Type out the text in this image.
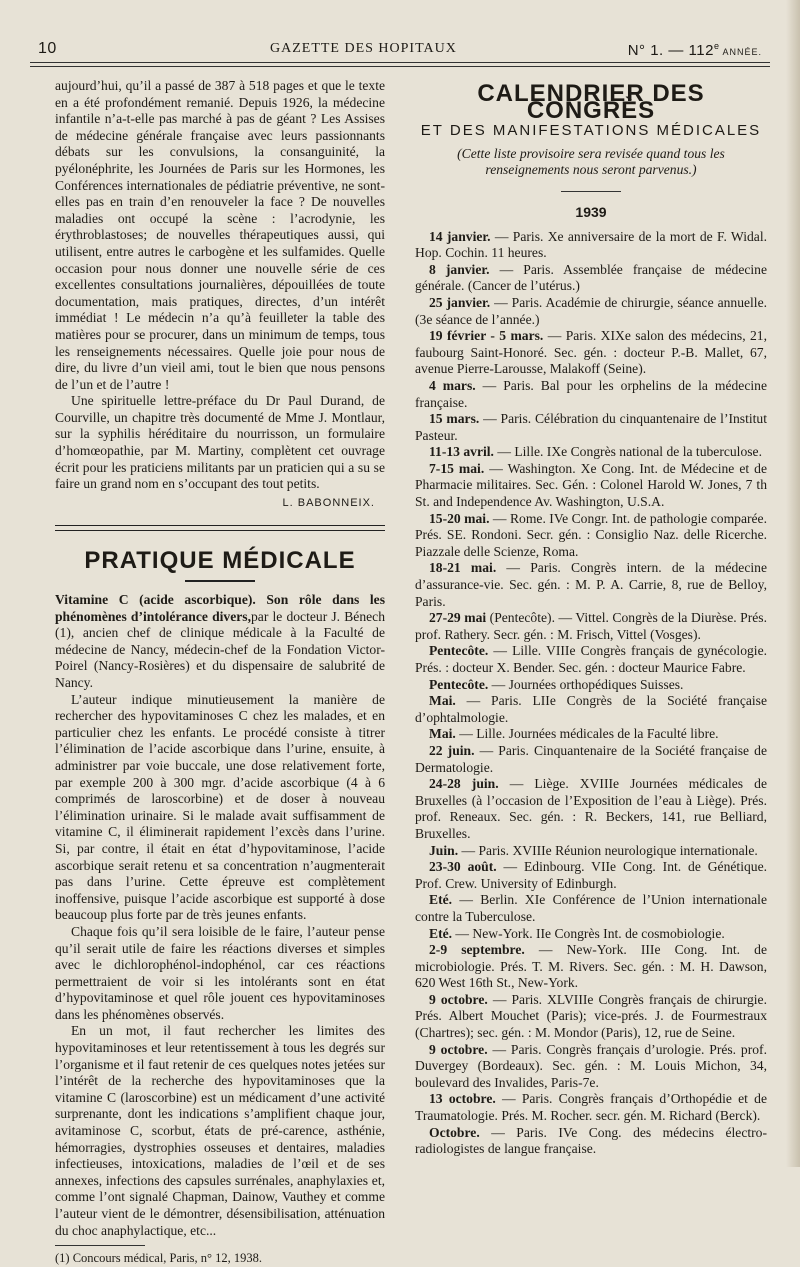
10	GAZETTE DES HOPITAUX	N° 1. — 112e ANNÉE.

aujourd’hui, qu’il a passé de 387 à 518 pages et que le texte en a été profondément remanié. Depuis 1926, la médecine infantile n’a-t-elle pas marché à pas de géant ? Les Assises de médecine générale française avec leurs passionnants débats sur les convulsions, la consanguinité, la pyélonéphrite, les Journées de Paris sur les Hormones, les Conférences internationales de pédiatrie préventive, ne sont-elles pas en train d’en renouveler la face ? De nouvelles maladies ont occupé la scène : l’acrodynie, les érythroblastoses; de nouvelles thérapeutiques aussi, qui utilisent, entre autres le carbogène et les sulfamides. Quelle occasion pour nous donner une nouvelle série de ces excellentes consultations journalières, dépouillées de toute documentation, mais pratiques, directes, d’un intérêt immédiat ! Le médecin n’a qu’à feuilleter la table des matières pour se procurer, dans un minimum de temps, tous les renseignements nécessaires. Quelle joie pour nous de dire, du livre d’un vieil ami, tout le bien que nous pensons de l’un et de l’autre !

Une spirituelle lettre-préface du Dr Paul Durand, de Courville, un chapitre très documenté de Mme J. Montlaur, sur la syphilis héréditaire du nourrisson, un formulaire d’homœopathie, par M. Martiny, complètent cet ouvrage écrit pour les praticiens militants par un praticien qui a su se faire un grand nom en s’occupant des tout petits.

L. BABONNEIX.

PRATIQUE MÉDICALE

Vitamine C (acide ascorbique). Son rôle dans les phénomènes d’intolérance divers,par le docteur J. Bénech (1), ancien chef de clinique médicale à la Faculté de médecine de Nancy, médecin-chef de la Fondation Victor-Poirel (Nancy-Rosières) et du dispensaire de salubrité de Nancy.

L’auteur indique minutieusement la manière de rechercher des hypovitaminoses C chez les malades, et en particulier chez les enfants. Le procédé consiste à titrer l’élimination de l’acide ascorbique dans l’urine, ensuite, à administrer par voie buccale, une dose relativement forte, par exemple 200 à 300 mgr. d’acide ascorbique (4 à 6 comprimés de laroscorbine) et de doser à nouveau l’élimination urinaire. Si le malade avait suffisamment de vitamine C, il éliminerait rapidement l’excès dans l’urine. Si, par contre, il était en état d’hypovitaminose, l’acide ascorbique serait retenu et sa concentration n’augmenterait pas dans l’urine. Cette épreuve est complètement inoffensive, puisque l’acide ascorbique est supporté à dose beaucoup plus forte par de très jeunes enfants.

Chaque fois qu’il sera loisible de le faire, l’auteur pense qu’il serait utile de faire les réactions diverses et simples avec le dichlorophénol-indophénol, car ces réactions permettraient de voir si les intolérants sont en état d’hypovitaminose et quel rôle jouent ces hypovitaminoses dans les phénomènes observés.

En un mot, il faut rechercher les limites des hypovitaminoses et leur retentissement à tous les degrés sur l’organisme et il faut retenir de ces quelques notes jetées sur l’intérêt de la recherche des hypovitaminoses que la vitamine C (laroscorbine) est un médicament d’une activité surprenante, dont les indications s’amplifient chaque jour, avitaminose C, scorbut, états de pré-carence, asthénie, hémorragies, dystrophies osseuses et dentaires, maladies infectieuses, intoxications, maladies de l’œil et de ses annexes, infections des capsules surrénales, anaphylaxies et, comme l’ont signalé Chapman, Dainow, Vauthey et comme l’auteur vient de le démontrer, désensibilisation, atténuation du choc anaphylactique, etc...

(1) Concours médical, Paris, n° 12, 1938.

CALENDRIER DES CONGRÈS

ET DES MANIFESTATIONS MÉDICALES

(Cette liste provisoire sera revisée quand tous les renseignements nous seront parvenus.)

1939

14 janvier. — Paris. Xe anniversaire de la mort de F. Widal. Hop. Cochin. 11 heures.

8 janvier. — Paris. Assemblée française de médecine générale. (Cancer de l’utérus.)

25 janvier. — Paris. Académie de chirurgie, séance annuelle. (3e séance de l’année.)

19 février - 5 mars. — Paris. XIXe salon des médecins, 21, faubourg Saint-Honoré. Sec. gén. : docteur P.-B. Mallet, 67, avenue Pierre-Larousse, Malakoff (Seine).

4 mars. — Paris. Bal pour les orphelins de la médecine française.

15 mars. — Paris. Célébration du cinquantenaire de l’Institut Pasteur.

11-13 avril. — Lille. IXe Congrès national de la tuberculose.

7-15 mai. — Washington. Xe Cong. Int. de Médecine et de Pharmacie militaires. Sec. Gén. : Colonel Harold W. Jones, 7 th St. and Independence Av. Washington, U.S.A.

15-20 mai. — Rome. IVe Congr. Int. de pathologie comparée. Prés. SE. Rondoni. Secr. gén. : Consiglio Naz. delle Ricerche. Piazzale delle Scienze, Roma.

18-21 mai. — Paris. Congrès intern. de la médecine d’assurance-vie. Sec. gén. : M. P. A. Carrie, 8, rue de Belloy, Paris.

27-29 mai (Pentecôte). — Vittel. Congrès de la Diurèse. Prés. prof. Rathery. Secr. gén. : M. Frisch, Vittel (Vosges).

Pentecôte. — Lille. VIIIe Congrès français de gynécologie. Prés. : docteur X. Bender. Sec. gén. : docteur Maurice Fabre.

Pentecôte. — Journées orthopédiques Suisses.

Mai. — Paris. LIIe Congrès de la Société française d’ophtalmologie.

Mai. — Lille. Journées médicales de la Faculté libre.

22 juin. — Paris. Cinquantenaire de la Société française de Dermatologie.

24-28 juin. — Liège. XVIIIe Journées médicales de Bruxelles (à l’occasion de l’Exposition de l’eau à Liège). Prés. prof. Reneaux. Sec. gén. : R. Beckers, 141, rue Belliard, Bruxelles.

Juin. — Paris. XVIIIe Réunion neurologique internationale.

23-30 août. — Edinbourg. VIIe Cong. Int. de Génétique. Prof. Crew. University of Edinburgh.

Eté. — Berlin. XIe Conférence de l’Union internationale contre la Tuberculose.

Eté. — New-York. IIe Congrès Int. de cosmobiologie.

2-9 septembre. — New-York. IIIe Cong. Int. de microbiologie. Prés. T. M. Rivers. Sec. gén. : M. H. Dawson, 620 West 16th St., New-York.

9 octobre. — Paris. XLVIIIe Congrès français de chirurgie. Prés. Albert Mouchet (Paris); vice-prés. J. de Fourmestraux (Chartres); sec. gén. : M. Mondor (Paris), 12, rue de Seine.

9 octobre. — Paris. Congrès français d’urologie. Prés. prof. Duvergey (Bordeaux). Sec. gén. : M. Louis Michon, 34, boulevard des Invalides, Paris-7e.

13 octobre. — Paris. Congrès français d’Orthopédie et de Traumatologie. Prés. M. Rocher. secr. gén. M. Richard (Berck).

Octobre. — Paris. IVe Cong. des médecins électro-radiologistes de langue française.
